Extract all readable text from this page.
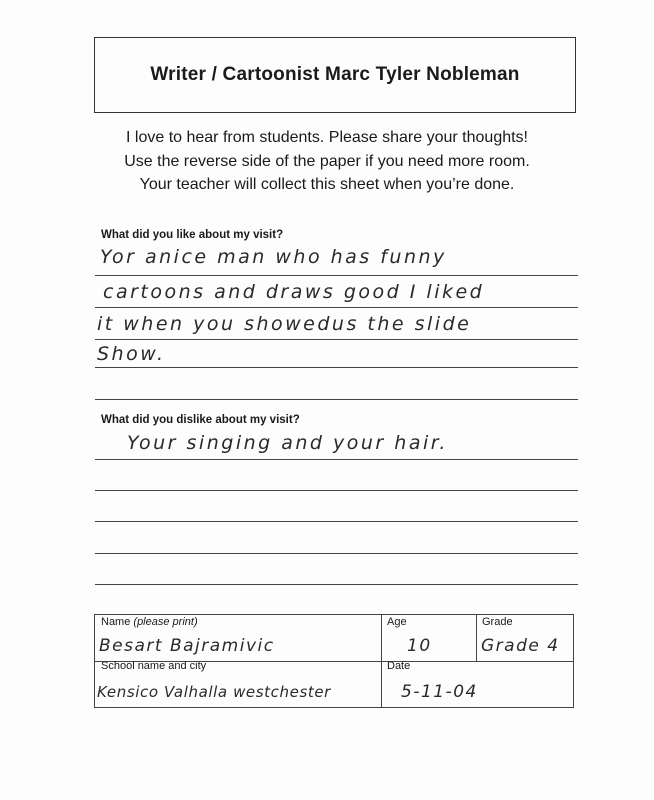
Writer / Cartoonist Marc Tyler Nobleman
I love to hear from students. Please share your thoughts!
Use the reverse side of the paper if you need more room.
Your teacher will collect this sheet when you’re done.
What did you like about my visit?
Yor anice man who has funny
cartoons and draws good I liked
it when you showedus the slide
Show.
What did you dislike about my visit?
Your singing and your hair.
Name (please print)	Age	Grade
School name and city	Date
Besart Bajramivic	10	Grade 4
Kensico Valhalla westchester	5-11-04
